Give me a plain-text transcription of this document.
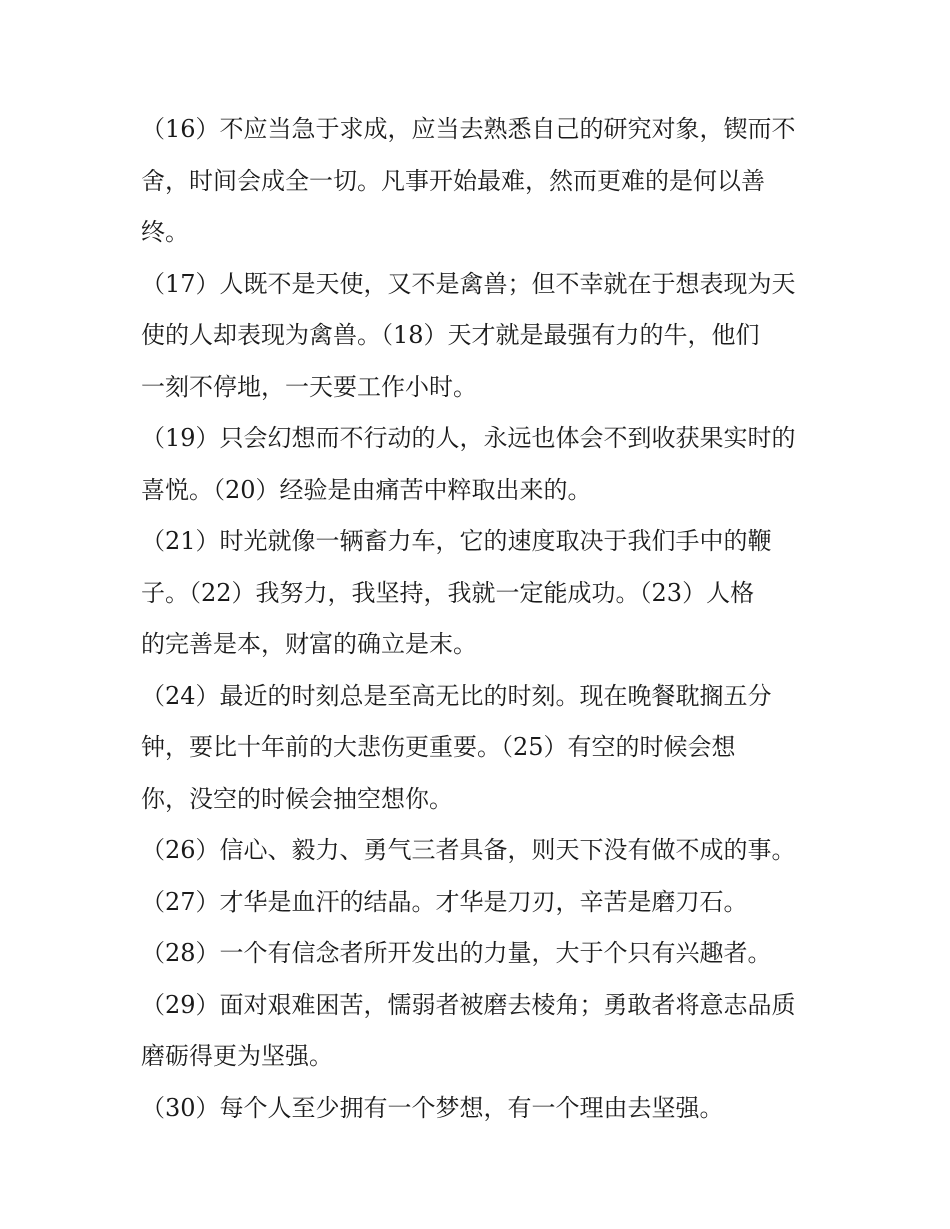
（16）不应当急于求成，应当去熟悉自己的研究对象，锲而不
舍，时间会成全一切。凡事开始最难，然而更难的是何以善
终。
（17）人既不是天使，又不是禽兽；但不幸就在于想表现为天
使的人却表现为禽兽。（18）天才就是最强有力的牛，他们
一刻不停地，一天要工作小时。
（19）只会幻想而不行动的人，永远也体会不到收获果实时的
喜悦。（20）经验是由痛苦中粹取出来的。
（21）时光就像一辆畜力车，它的速度取决于我们手中的鞭
子。（22）我努力，我坚持，我就一定能成功。（23）人格
的完善是本，财富的确立是末。
（24）最近的时刻总是至高无比的时刻。现在晚餐耽搁五分
钟，要比十年前的大悲伤更重要。（25）有空的时候会想
你，没空的时候会抽空想你。
（26）信心、毅力、勇气三者具备，则天下没有做不成的事。
（27）才华是血汗的结晶。才华是刀刃，辛苦是磨刀石。
（28）一个有信念者所开发出的力量，大于个只有兴趣者。
（29）面对艰难困苦，懦弱者被磨去棱角；勇敢者将意志品质
磨砺得更为坚强。
（30）每个人至少拥有一个梦想，有一个理由去坚强。
